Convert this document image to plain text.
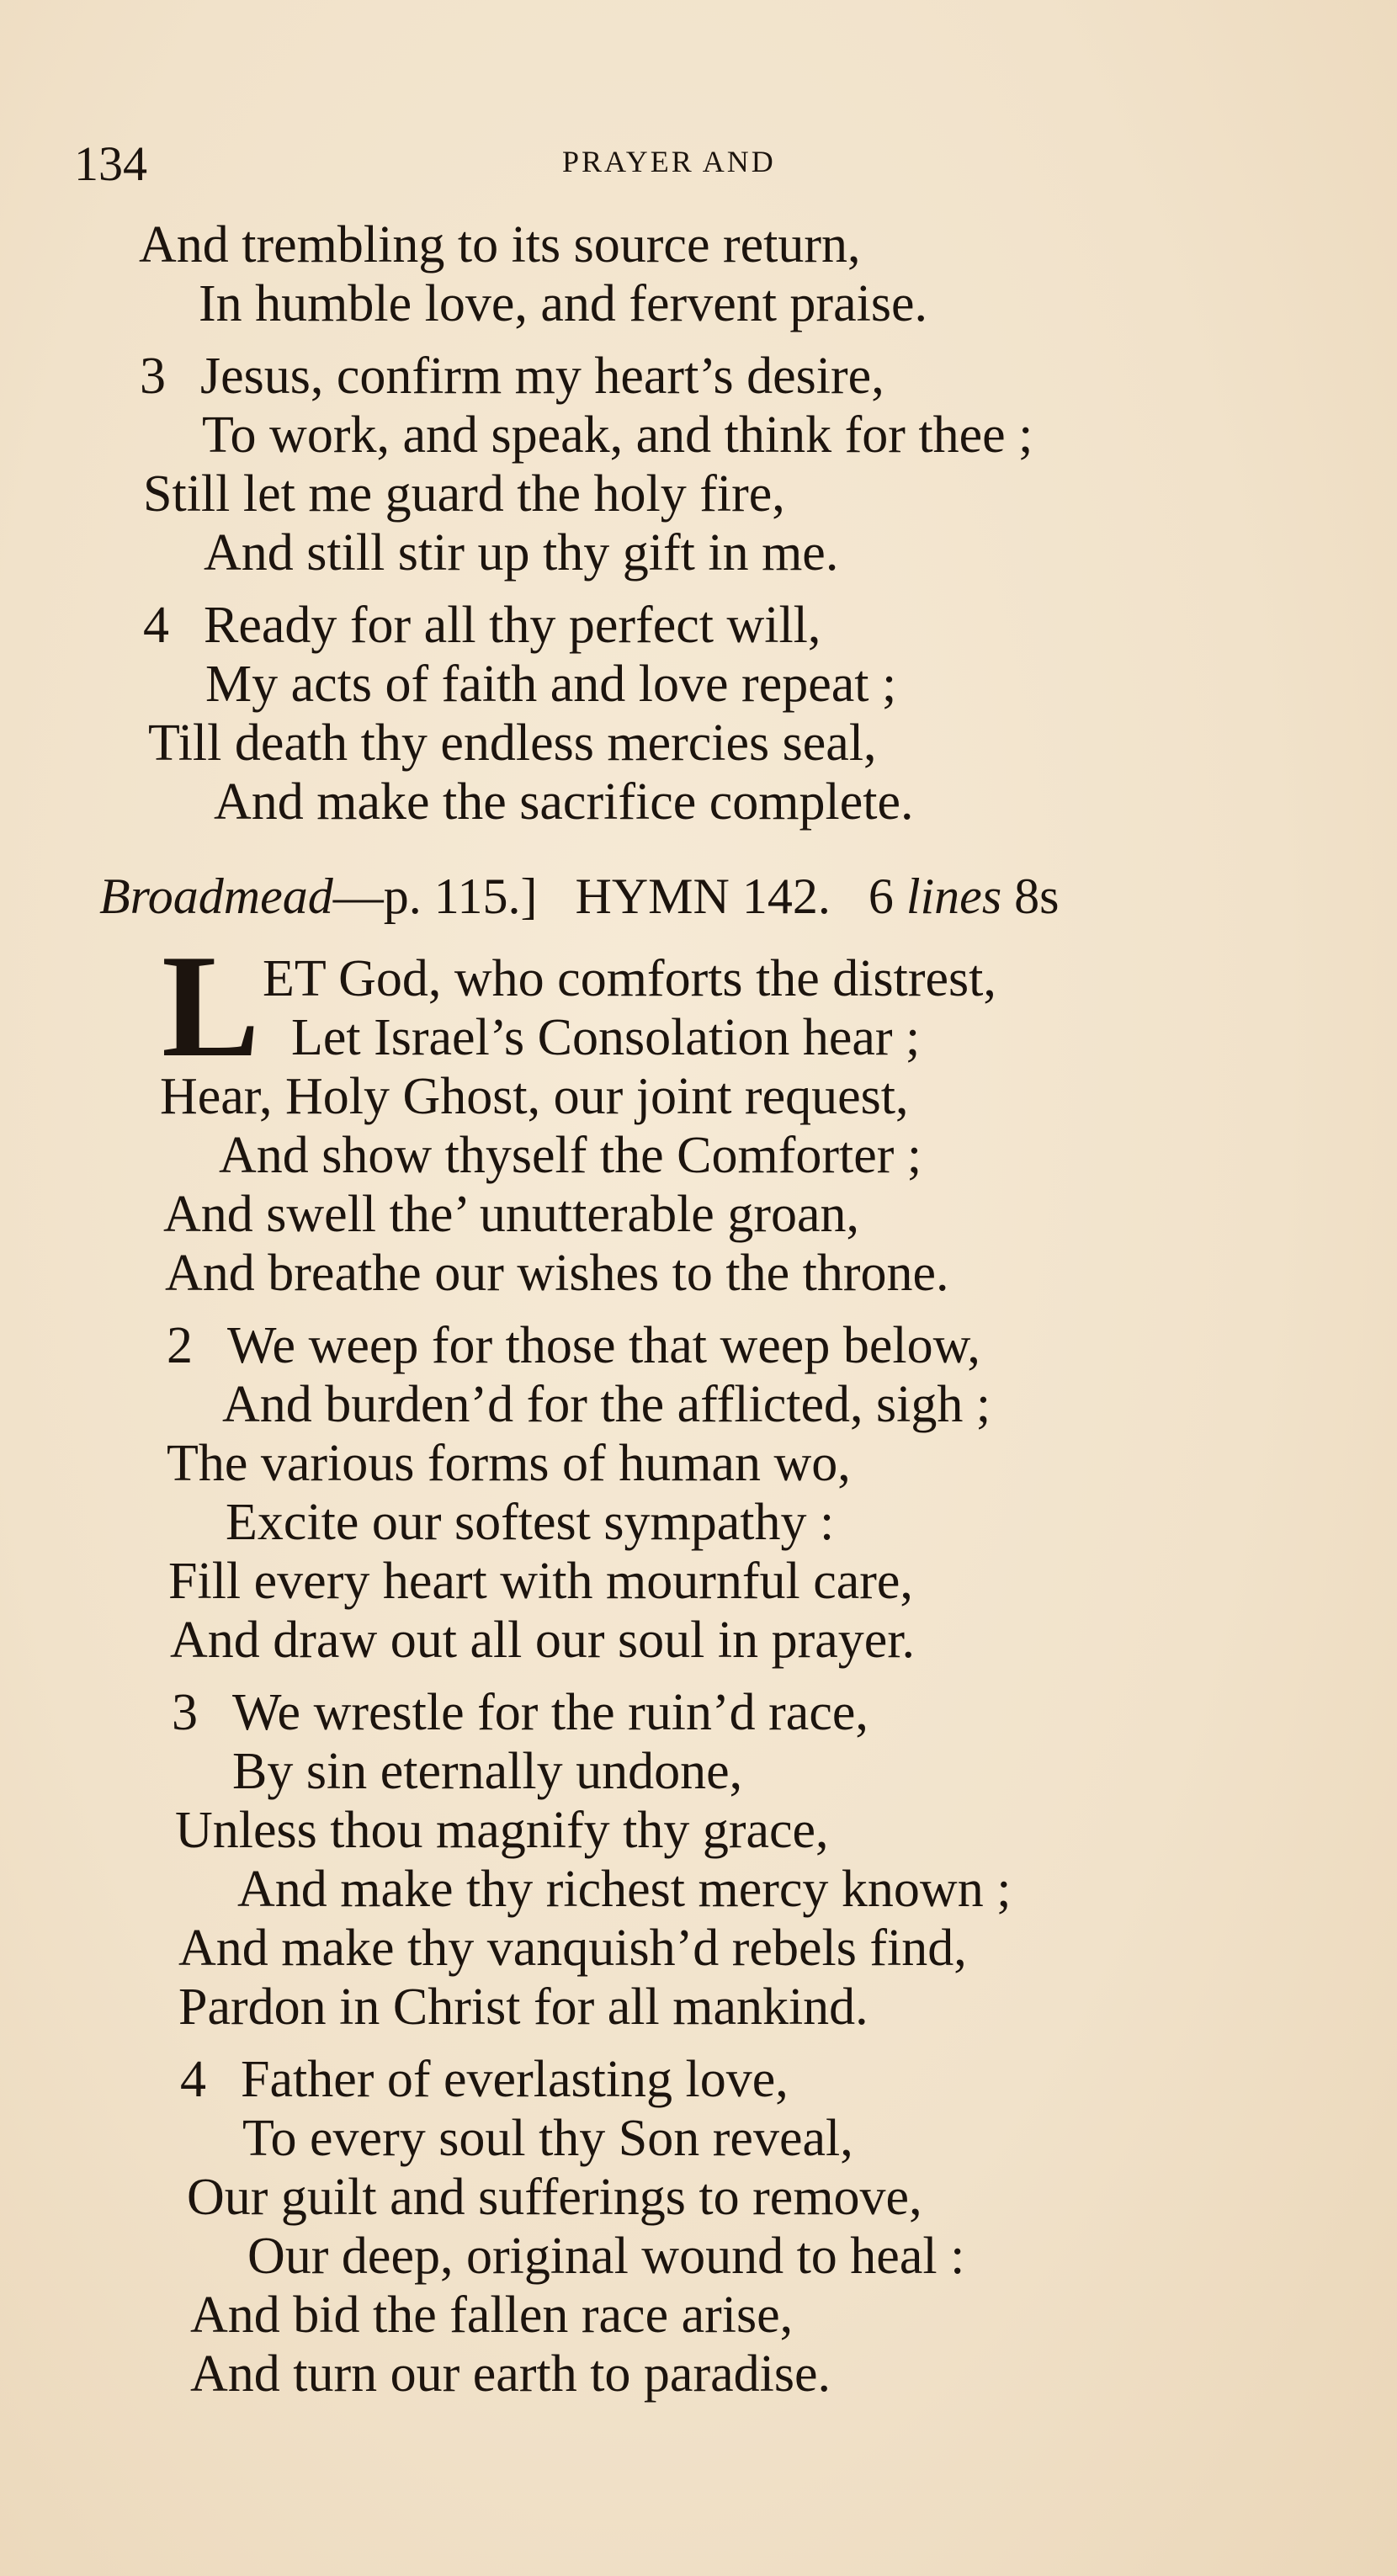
134	PRAYER AND
And trembling to its source return,
In humble love, and fervent praise.
3 Jesus, confirm my heart’s desire,
To work, and speak, and think for thee ;
Still let me guard the holy fire,
And still stir up thy gift in me.
4 Ready for all thy perfect will,
My acts of faith and love repeat ;
Till death thy endless mercies seal,
And make the sacrifice complete.
Broadmead—p. 115.] HYMN 142. 6 lines 8s
L ET God, who comforts the distrest,
Let Israel’s Consolation hear ;
Hear, Holy Ghost, our joint request,
And show thyself the Comforter ;
And swell the’ unutterable groan,
And breathe our wishes to the throne.
2 We weep for those that weep below,
And burden’d for the afflicted, sigh ;
The various forms of human wo,
Excite our softest sympathy :
Fill every heart with mournful care,
And draw out all our soul in prayer.
3 We wrestle for the ruin’d race,
By sin eternally undone,
Unless thou magnify thy grace,
And make thy richest mercy known ;
And make thy vanquish’d rebels find,
Pardon in Christ for all mankind.
4 Father of everlasting love,
To every soul thy Son reveal,
Our guilt and sufferings to remove,
Our deep, original wound to heal :
And bid the fallen race arise,
And turn our earth to paradise.
